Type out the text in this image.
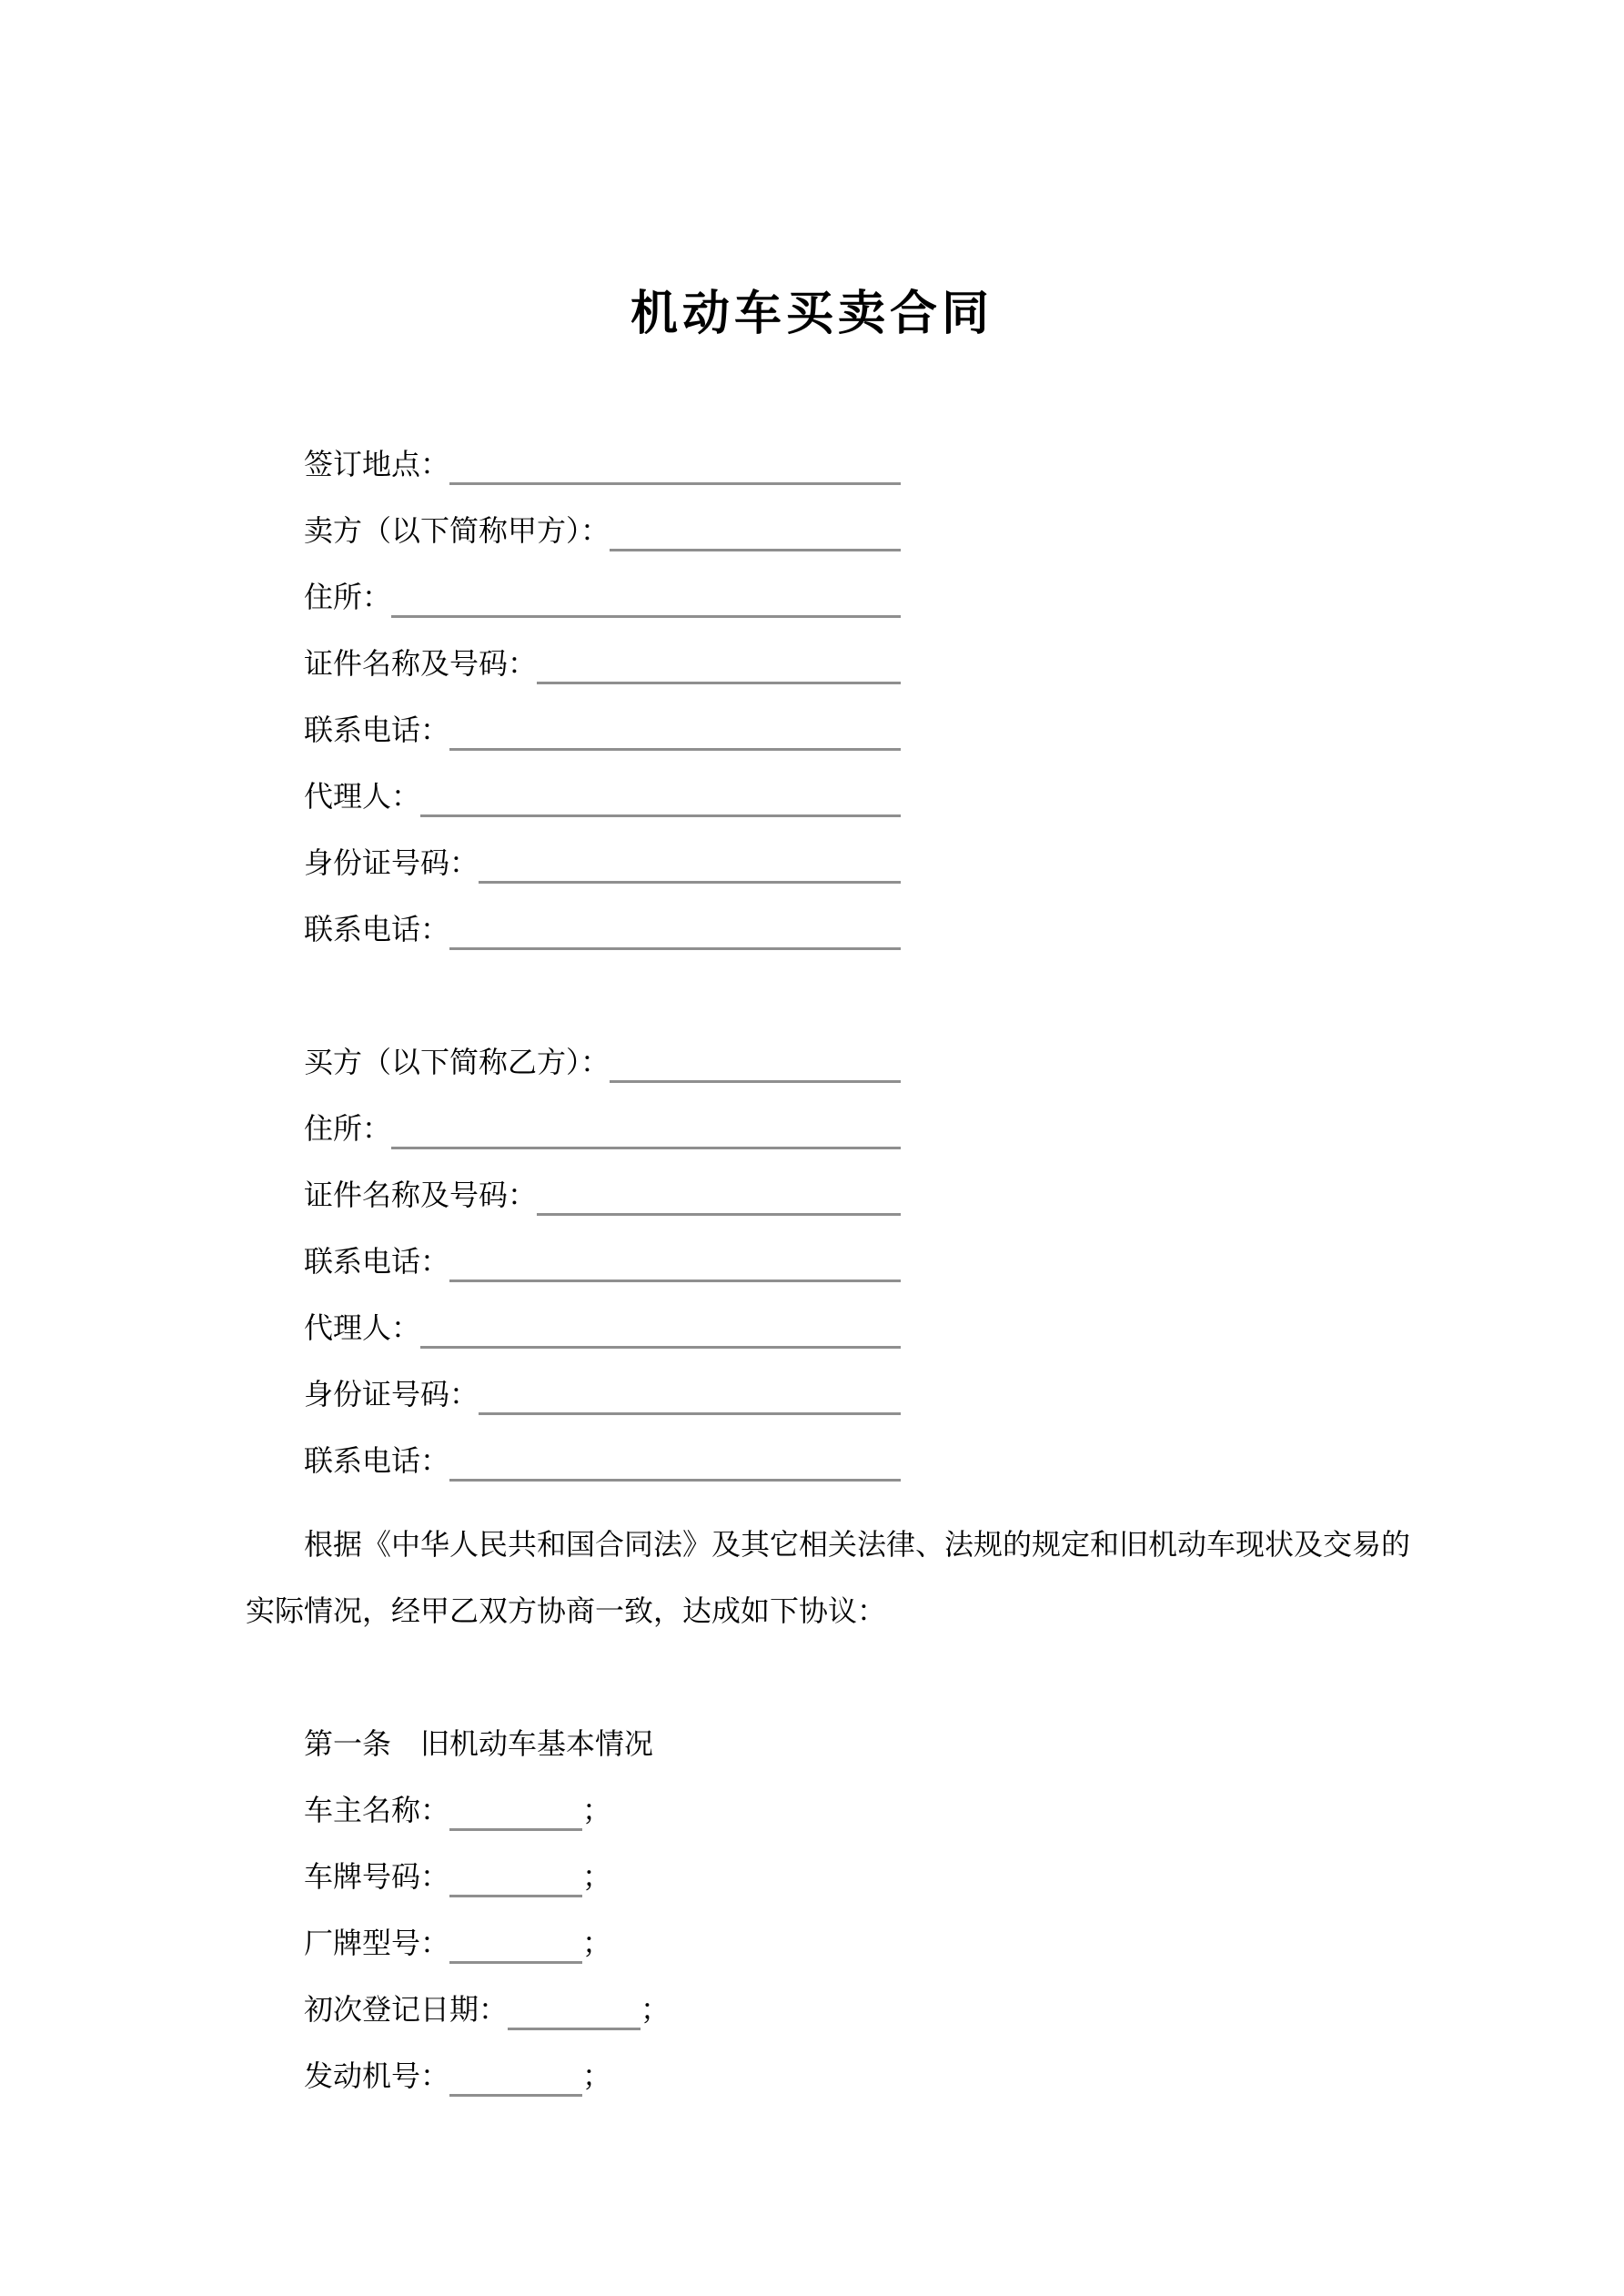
机动车买卖合同
签订地点：
卖方（以下简称甲方）：
住所：
证件名称及号码：
联系电话：
代理人：
身份证号码：
联系电话：
买方（以下简称乙方）：
住所：
证件名称及号码：
联系电话：
代理人：
身份证号码：
联系电话：
根据《中华人民共和国合同法》及其它相关法律、法规的规定和旧机动车现状及交易的
实际情况，经甲乙双方协商一致，达成如下协议：
第一条　旧机动车基本情况
车主名称：	；
车牌号码：	；
厂牌型号：	；
初次登记日期：	；
发动机号：	；
